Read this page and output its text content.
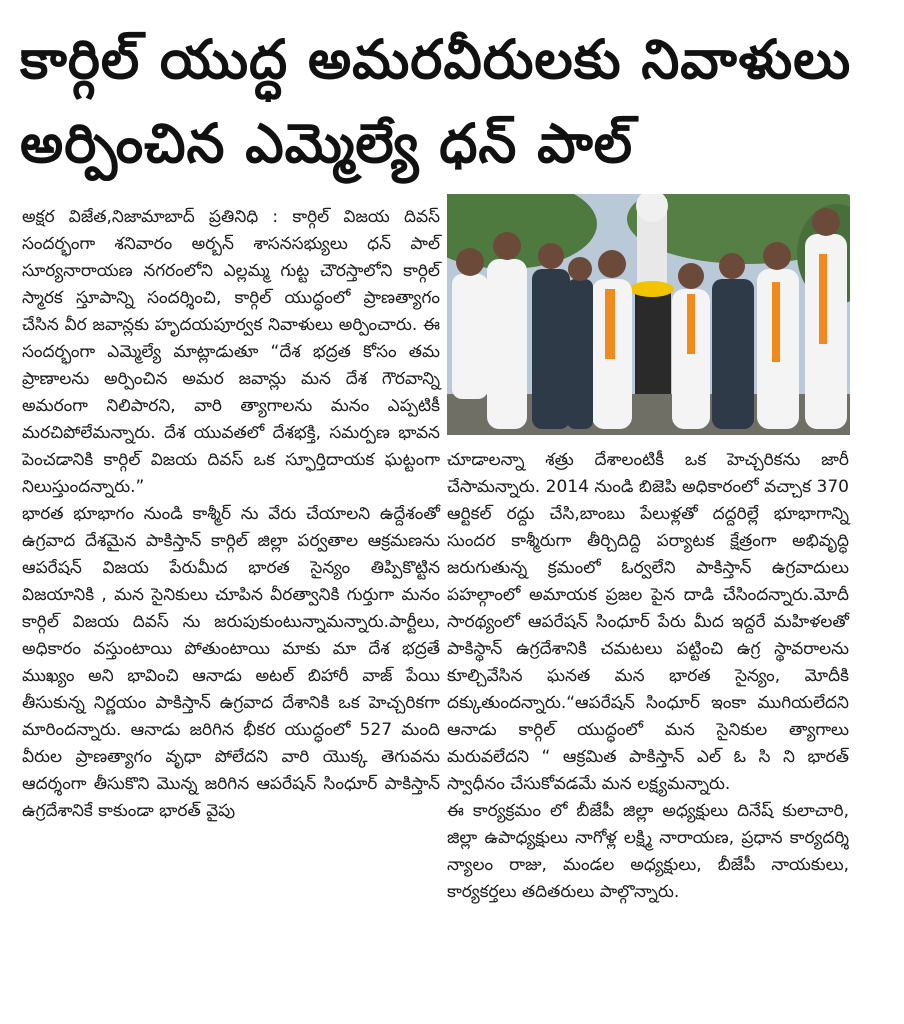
కార్గిల్ యుద్ధ అమరవీరులకు నివాళులు
అర్పించిన ఎమ్మెల్యే ధన్ పాల్

అక్షర విజేత,నిజామాబాద్ ప్రతినిధి : కార్గిల్ విజయ దివస్ సందర్భంగా శనివారం అర్బన్ శాసనసభ్యులు ధన్ పాల్ సూర్యనారాయణ నగరంలోని ఎల్లమ్మ గుట్ట చౌరస్తాలోని కార్గిల్ స్మారక స్తూపాన్ని సందర్శించి, కార్గిల్ యుద్ధంలో ప్రాణత్యాగం చేసిన వీర జవాన్లకు హృదయపూర్వక నివాళులు అర్పించారు. ఈ సందర్భంగా ఎమ్మెల్యే మాట్లాడుతూ “దేశ భద్రత కోసం తమ ప్రాణాలను అర్పించిన అమర జవాన్లు మన దేశ గౌరవాన్ని అమరంగా నిలిపారని, వారి త్యాగాలను మనం ఎప్పటికీ మరచిపోలేమన్నారు. దేశ యువతలో దేశభక్తి, సమర్పణ భావన పెంచడానికి కార్గిల్ విజయ దివస్ ఒక స్ఫూర్తిదాయక ఘట్టంగా నిలుస్తుందన్నారు.”

భారత భూభాగం నుండి కాశ్మీర్ ను వేరు చేయాలని ఉద్దేశంతో ఉగ్రవాద దేశమైన పాకిస్తాన్ కార్గిల్ జిల్లా పర్వతాల ఆక్రమణను ఆపరేషన్ విజయ పేరుమీద భారత సైన్యం తిప్పికొట్టిన విజయానికి , మన సైనికులు చూపిన వీరత్వానికి గుర్తుగా మనం కార్గిల్ విజయ దివస్ ను జరుపుకుంటున్నామన్నారు.పార్టీలు, అధికారం వస్తుంటాయి పోతుంటాయి మాకు మా దేశ భద్రతే ముఖ్యం అని భావించి ఆనాడు అటల్ బిహారీ వాజ్ పేయి తీసుకున్న నిర్ణయం పాకిస్తాన్ ఉగ్రవాద దేశానికి ఒక హెచ్చరికగా మారిందన్నారు. ఆనాడు జరిగిన భీకర యుద్ధంలో 527 మంది వీరుల ప్రాణత్యాగం వృధా పోలేదని వారి యొక్క తెగువను ఆదర్శంగా తీసుకొని మొన్న జరిగిన ఆపరేషన్ సింధూర్ పాకిస్తాన్ ఉగ్రదేశానికే కాకుండా భారత్ వైపు

చూడాలన్నా శత్రు దేశాలంటికీ ఒక హెచ్చరికను జారీ చేసామన్నారు. 2014 నుండి బిజెపి అధికారంలో వచ్చాక 370 ఆర్టికల్ రద్దు చేసి,బాంబు పేలుళ్లతో దద్దరిల్లే భూభాగాన్ని సుందర కాశ్మీరుగా తీర్చిదిద్ది పర్యాటక క్షేత్రంగా అభివృద్ధి జరుగుతున్న క్రమంలో ఓర్వలేని పాకిస్తాన్ ఉగ్రవాదులు పహల్గాంలో అమాయక ప్రజల పైన దాడి చేసిందన్నారు.మోదీ సారథ్యంలో ఆపరేషన్ సింధూర్ పేరు మీద ఇద్దరే మహిళలతో పాకిస్థాన్ ఉగ్రదేశానికి చమటలు పట్టించి ఉగ్ర స్థావరాలను కూల్చివేసిన ఘనత మన భారత సైన్యం, మోదీకి దక్కుతుందన్నారు.“ఆపరేషన్ సింధూర్ ఇంకా ముగియలేదని ఆనాడు కార్గిల్ యుద్ధంలో మన సైనికుల త్యాగాలు మరువలేదని “ ఆక్రమిత పాకిస్తాన్ ఎల్ ఓ సి ని భారత్ స్వాధీనం చేసుకోవడమే మన లక్ష్యమన్నారు.

ఈ కార్యక్రమం లో బీజేపీ జిల్లా అధ్యక్షులు దినేష్ కులాచారి, జిల్లా ఉపాధ్యక్షులు నాగోళ్ల లక్ష్మి నారాయణ, ప్రధాన కార్యదర్శి న్యాలం రాజు, మండల అధ్యక్షులు, బీజేపీ నాయకులు, కార్యకర్తలు తదితరులు పాల్గొన్నారు.
